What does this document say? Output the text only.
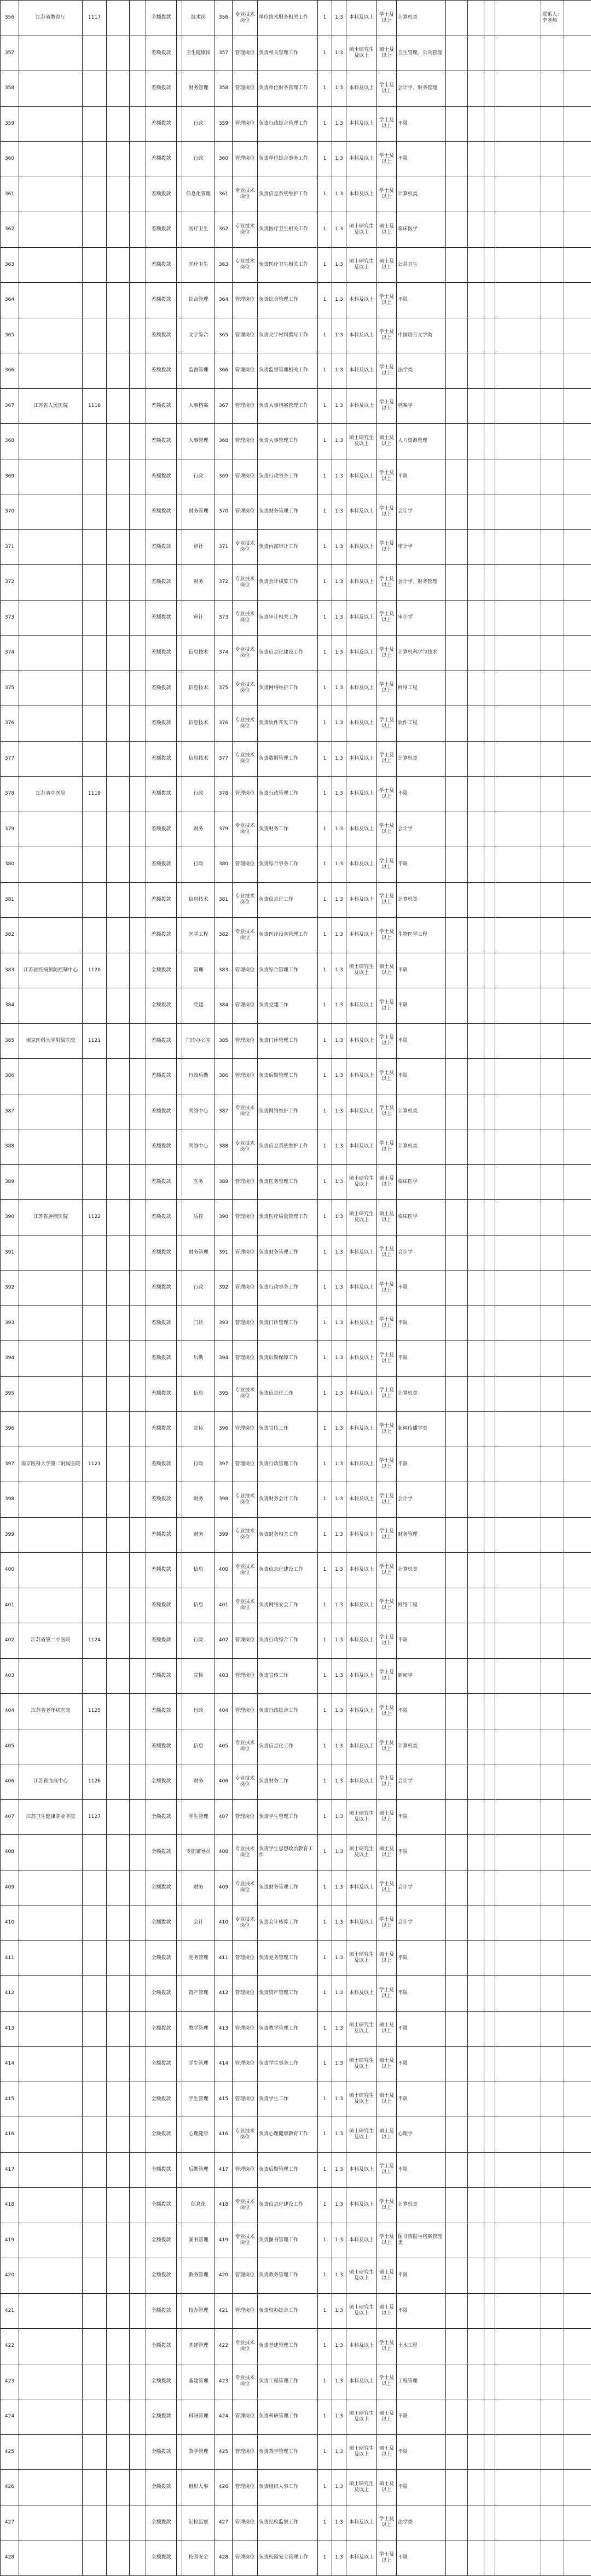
356	江苏省教育厅	1117			全额拨款		技术岗	356	专业技术岗位	单位技术服务相关工作	1	1:3	本科及以上	学士及以上	计算机类					联系人：李老师	
357					差额拨款		卫生健康岗	357	管理岗位	负责相关管理工作	1	1:3	硕士研究生及以上	硕士及以上	卫生管理、公共管理						
358					差额拨款		财务管理	358	管理岗位	负责单位财务管理工作	1	1:3	本科及以上	学士及以上	会计学、财务管理						
359					差额拨款		行政	359	管理岗位	负责行政综合管理工作	1	1:3	本科及以上	学士及以上	不限						
360					差额拨款		行政	360	管理岗位	负责单位综合事务工作	1	1:3	本科及以上	学士及以上	不限						
361					差额拨款		信息化管理	361	专业技术岗位	负责信息系统维护工作	1	1:3	本科及以上	学士及以上	计算机类						
362					差额拨款		医疗卫生	362	专业技术岗位	负责医疗卫生相关工作	1	1:3	硕士研究生及以上	硕士及以上	临床医学						
363					差额拨款		医疗卫生	363	专业技术岗位	负责医疗卫生相关工作	1	1:3	硕士研究生及以上	硕士及以上	公共卫生						
364					差额拨款		综合管理	364	管理岗位	负责综合管理工作	1	1:3	本科及以上	学士及以上	不限						
365					差额拨款		文字综合	365	管理岗位	负责文字材料撰写工作	1	1:3	本科及以上	学士及以上	中国语言文学类						
366					差额拨款		监督管理	366	管理岗位	负责监督管理相关工作	1	1:3	本科及以上	学士及以上	法学类						
367	江苏省人民医院	1118			差额拨款		人事档案	367	管理岗位	负责人事档案管理工作	1	1:3	本科及以上	学士及以上	档案学						
368					差额拨款		人事管理	368	管理岗位	负责人事管理工作	1	1:3	硕士研究生及以上	硕士及以上	人力资源管理						
369					差额拨款		行政	369	管理岗位	负责行政事务工作	1	1:3	本科及以上	学士及以上	不限						
370					差额拨款		财务管理	370	管理岗位	负责财务管理工作	1	1:3	本科及以上	学士及以上	会计学						
371					差额拨款		审计	371	专业技术岗位	负责内部审计工作	1	1:3	本科及以上	学士及以上	审计学						
372					差额拨款		财务	372	专业技术岗位	负责会计核算工作	1	1:3	本科及以上	学士及以上	会计学、财务管理						
373					差额拨款		审计	373	专业技术岗位	负责审计相关工作	1	1:3	本科及以上	学士及以上	审计学						
374					差额拨款		信息技术	374	专业技术岗位	负责信息化建设工作	1	1:3	本科及以上	学士及以上	计算机科学与技术						
375					差额拨款		信息技术	375	专业技术岗位	负责网络维护工作	1	1:3	本科及以上	学士及以上	网络工程						
376					差额拨款		信息技术	376	专业技术岗位	负责软件开发工作	1	1:3	本科及以上	学士及以上	软件工程						
377					差额拨款		信息技术	377	专业技术岗位	负责数据管理工作	1	1:3	本科及以上	学士及以上	计算机类						
378	江苏省中医院	1119			差额拨款		行政	378	管理岗位	负责行政管理工作	1	1:3	本科及以上	学士及以上	不限						
379					差额拨款		财务	379	专业技术岗位	负责财务工作	1	1:3	本科及以上	学士及以上	会计学						
380					差额拨款		行政	380	管理岗位	负责综合事务工作	1	1:3	本科及以上	学士及以上	不限						
381					差额拨款		信息技术	381	专业技术岗位	负责信息化工作	1	1:3	本科及以上	学士及以上	计算机类						
382					差额拨款		医学工程	382	专业技术岗位	负责医疗设备管理工作	1	1:3	本科及以上	学士及以上	生物医学工程						
383	江苏省疾病预防控制中心	1120			全额拨款		管理	383	管理岗位	负责综合管理工作	1	1:3	硕士研究生及以上	硕士及以上	不限						
384					全额拨款		党建	384	管理岗位	负责党建工作	1	1:3	本科及以上	学士及以上	不限						
385	南京医科大学附属医院	1121			差额拨款		门诊办公室	385	管理岗位	负责门诊管理工作	1	1:3	本科及以上	学士及以上	不限						
386					差额拨款		行政后勤	386	管理岗位	负责后勤管理工作	1	1:3	本科及以上	学士及以上	不限						
387					差额拨款		网络中心	387	专业技术岗位	负责网络维护工作	1	1:3	本科及以上	学士及以上	计算机类						
388					差额拨款		网络中心	388	专业技术岗位	负责信息系统维护工作	1	1:3	本科及以上	学士及以上	计算机类						
389					差额拨款		医务	389	管理岗位	负责医务管理工作	1	1:3	硕士研究生及以上	硕士及以上	临床医学						
390	江苏省肿瘤医院	1122			差额拨款		质控	390	管理岗位	负责医疗质量管理工作	1	1:3	硕士研究生及以上	硕士及以上	临床医学						
391					差额拨款		财务管理	391	管理岗位	负责财务管理工作	1	1:3	本科及以上	学士及以上	会计学						
392					差额拨款		行政	392	管理岗位	负责行政事务工作	1	1:3	本科及以上	学士及以上	不限						
393					差额拨款		门诊	393	管理岗位	负责门诊管理工作	1	1:3	本科及以上	学士及以上	不限						
394					差额拨款		后勤	394	管理岗位	负责后勤保障工作	1	1:3	本科及以上	学士及以上	不限						
395					差额拨款		信息	395	专业技术岗位	负责信息化工作	1	1:3	本科及以上	学士及以上	计算机类						
396					差额拨款		宣传	396	管理岗位	负责宣传工作	1	1:3	本科及以上	学士及以上	新闻传播学类						
397	南京医科大学第二附属医院	1123			差额拨款		行政	397	管理岗位	负责行政管理工作	1	1:3	本科及以上	学士及以上	不限						
398					差额拨款		财务	398	专业技术岗位	负责财务会计工作	1	1:3	本科及以上	学士及以上	会计学						
399					差额拨款		财务	399	专业技术岗位	负责财务相关工作	1	1:3	本科及以上	学士及以上	财务管理						
400					差额拨款		信息	400	专业技术岗位	负责信息化建设工作	1	1:3	本科及以上	学士及以上	计算机类						
401					差额拨款		信息	401	专业技术岗位	负责网络安全工作	1	1:3	本科及以上	学士及以上	网络工程						
402	江苏省第二中医院	1124			差额拨款		行政	402	管理岗位	负责行政综合工作	1	1:3	本科及以上	学士及以上	不限						
403					差额拨款		宣传	403	管理岗位	负责宣传工作	1	1:3	本科及以上	学士及以上	新闻学						
404	江苏省老年病医院	1125			差额拨款		行政	404	管理岗位	负责行政综合工作	1	1:3	本科及以上	学士及以上	不限						
405					差额拨款		信息	405	专业技术岗位	负责信息化工作	1	1:3	本科及以上	学士及以上	计算机类						
406	江苏省血液中心	1126			全额拨款		财务	406	专业技术岗位	负责财务工作	1	1:3	本科及以上	学士及以上	会计学						
407	江苏卫生健康职业学院	1127			全额拨款		学生管理	407	管理岗位	负责学生管理工作	1	1:3	硕士研究生及以上	硕士及以上	不限						
408					全额拨款		专职辅导员	408	专业技术岗位	负责学生思想政治教育工作	1	1:3	硕士研究生及以上	硕士及以上	不限						
409					全额拨款		财务	409	专业技术岗位	负责财务管理工作	1	1:3	本科及以上	学士及以上	会计学						
410					全额拨款		会计	410	专业技术岗位	负责会计核算工作	1	1:3	本科及以上	学士及以上	会计学						
411					全额拨款		党务管理	411	管理岗位	负责党务管理工作	1	1:3	硕士研究生及以上	硕士及以上	不限						
412					全额拨款		资产管理	412	管理岗位	负责资产管理工作	1	1:3	本科及以上	学士及以上	不限						
413					全额拨款		教学管理	413	管理岗位	负责教学管理工作	1	1:3	硕士研究生及以上	硕士及以上	不限						
414					全额拨款		学生管理	414	管理岗位	负责学生事务工作	1	1:3	硕士研究生及以上	硕士及以上	不限						
415					全额拨款		学生管理	415	管理岗位	负责学生工作	1	1:3	硕士研究生及以上	硕士及以上	不限						
416					全额拨款		心理健康	416	专业技术岗位	负责心理健康教育工作	1	1:3	硕士研究生及以上	硕士及以上	心理学						
417					全额拨款		后勤管理	417	管理岗位	负责后勤管理工作	1	1:3	本科及以上	学士及以上	不限						
418					全额拨款		信息化	418	专业技术岗位	负责信息化建设工作	1	1:3	本科及以上	学士及以上	计算机类						
419					全额拨款		图书管理	419	专业技术岗位	负责图书管理工作	1	1:3	本科及以上	学士及以上	图书情报与档案管理类						
420					全额拨款		教务管理	420	管理岗位	负责教务管理工作	1	1:3	硕士研究生及以上	硕士及以上	不限						
421					全额拨款		校办管理	421	管理岗位	负责校办综合工作	1	1:3	硕士研究生及以上	硕士及以上	不限						
422					全额拨款		基建管理	422	专业技术岗位	负责基建管理工作	1	1:3	本科及以上	学士及以上	土木工程						
423					全额拨款		基建管理	423	专业技术岗位	负责工程管理工作	1	1:3	本科及以上	学士及以上	工程管理						
424					全额拨款		科研管理	424	管理岗位	负责科研管理工作	1	1:3	硕士研究生及以上	硕士及以上	不限						
425					全额拨款		教学管理	425	管理岗位	负责教学管理工作	1	1:3	硕士研究生及以上	硕士及以上	不限						
426					全额拨款		组织人事	426	管理岗位	负责组织人事工作	1	1:3	硕士研究生及以上	硕士及以上	不限						
427					全额拨款		纪检监察	427	管理岗位	负责纪检监察工作	1	1:3	本科及以上	学士及以上	法学类						
428					全额拨款		校园安全	428	管理岗位	负责校园安全管理工作	1	1:3	本科及以上	学士及以上	不限						
